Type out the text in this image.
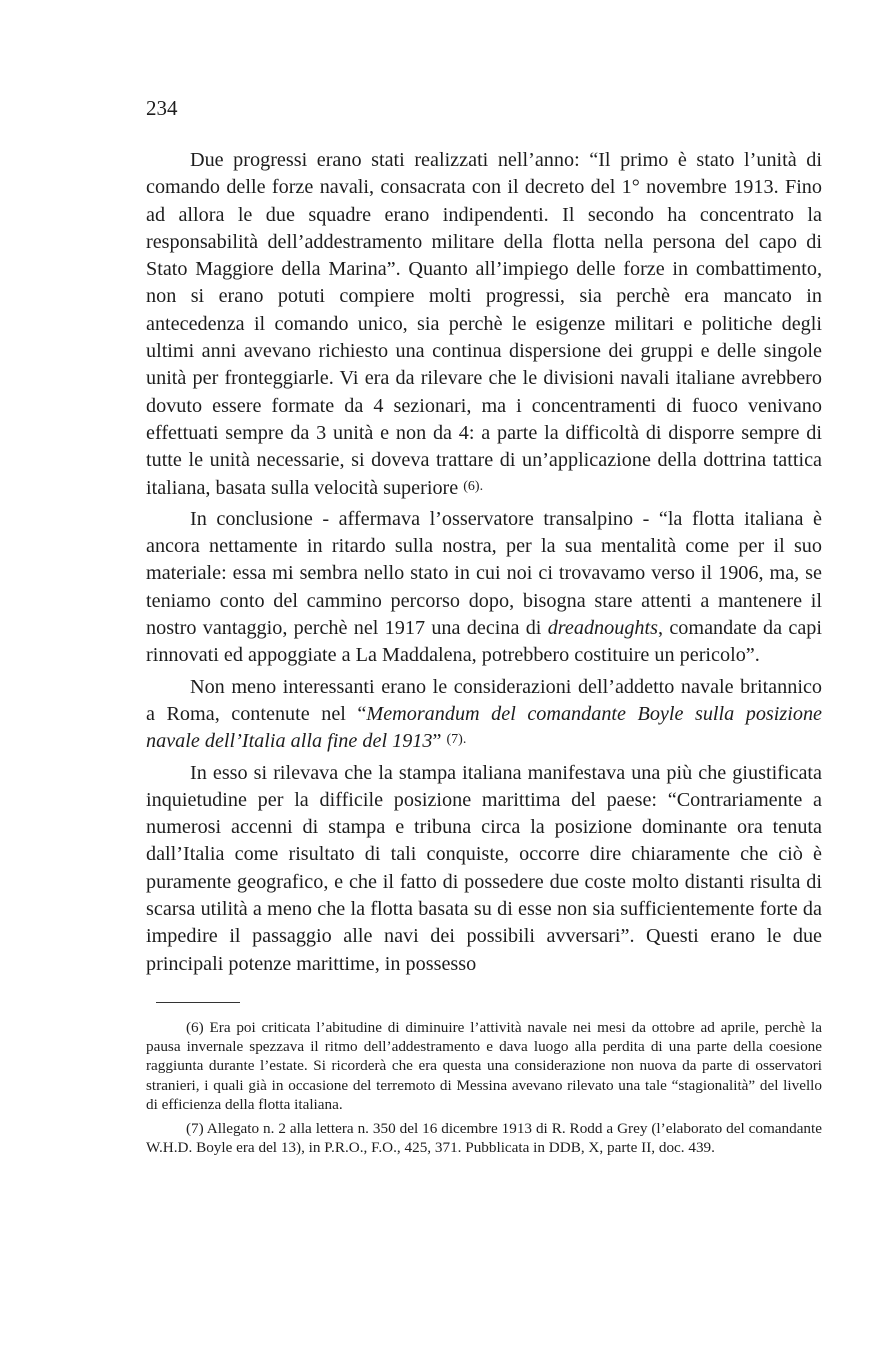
234

Due progressi erano stati realizzati nell’anno: “Il primo è stato l’unità di comando delle forze navali, consacrata con il decreto del 1° novembre 1913. Fino ad allora le due squadre erano indipendenti. Il secondo ha concentrato la responsabilità dell’addestramento militare della flotta nella persona del capo di Stato Maggiore della Marina”. Quanto all’impiego delle forze in combattimento, non si erano potuti compiere molti progressi, sia perchè era mancato in antecedenza il comando unico, sia perchè le esigenze militari e politiche degli ultimi anni avevano richiesto una continua dispersione dei gruppi e delle singole unità per fronteggiarle. Vi era da rilevare che le divisioni navali italiane avrebbero dovuto essere formate da 4 sezionari, ma i concentramenti di fuoco venivano effettuati sempre da 3 unità e non da 4: a parte la difficoltà di disporre sempre di tutte le unità necessarie, si doveva trattare di un’applicazione della dottrina tattica italiana, basata sulla velocità superiore (6).

In conclusione - affermava l’osservatore transalpino - “la flotta italiana è ancora nettamente in ritardo sulla nostra, per la sua mentalità come per il suo materiale: essa mi sembra nello stato in cui noi ci trovavamo verso il 1906, ma, se teniamo conto del cammino percorso dopo, bisogna stare attenti a mantenere il nostro vantaggio, perchè nel 1917 una decina di dreadnoughts, comandate da capi rinnovati ed appoggiate a La Maddalena, potrebbero costituire un pericolo”.

Non meno interessanti erano le considerazioni dell’addetto navale britannico a Roma, contenute nel “Memorandum del comandante Boyle sulla posizione navale dell’Italia alla fine del 1913” (7).

In esso si rilevava che la stampa italiana manifestava una più che giustificata inquietudine per la difficile posizione marittima del paese: “Contrariamente a numerosi accenni di stampa e tribuna circa la posizione dominante ora tenuta dall’Italia come risultato di tali conquiste, occorre dire chiaramente che ciò è puramente geografico, e che il fatto di possedere due coste molto distanti risulta di scarsa utilità a meno che la flotta basata su di esse non sia sufficientemente forte da impedire il passaggio alle navi dei possibili avversari”. Questi erano le due principali potenze marittime, in possesso

(6) Era poi criticata l’abitudine di diminuire l’attività navale nei mesi da ottobre ad aprile, perchè la pausa invernale spezzava il ritmo dell’addestramento e dava luogo alla perdita di una parte della coesione raggiunta durante l’estate. Si ricorderà che era questa una considerazione non nuova da parte di osservatori stranieri, i quali già in occasione del terremoto di Messina avevano rilevato una tale “stagionalità” del livello di efficienza della flotta italiana.

(7) Allegato n. 2 alla lettera n. 350 del 16 dicembre 1913 di R. Rodd a Grey (l’elaborato del comandante W.H.D. Boyle era del 13), in P.R.O., F.O., 425, 371. Pubblicata in DDB, X, parte II, doc. 439.
